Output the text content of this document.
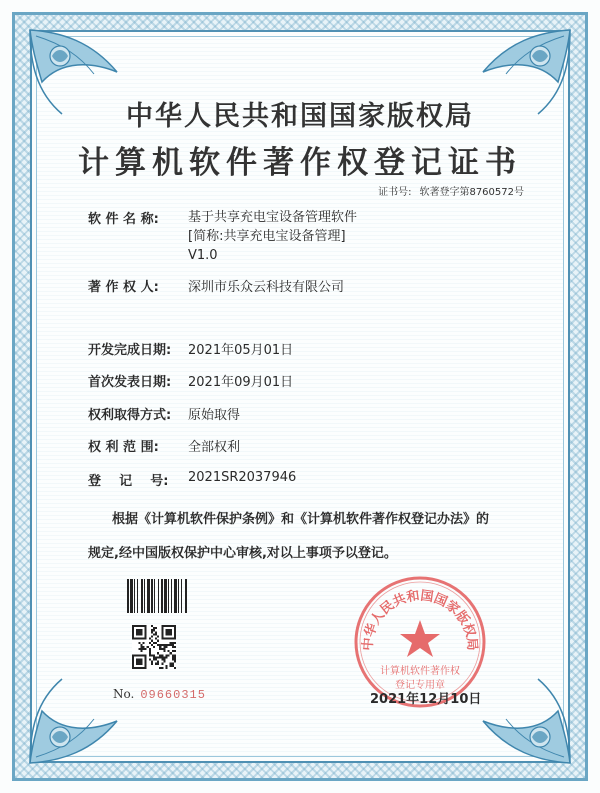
中华人民共和国国家版权局
计算机软件著作权登记证书
证书号: 软著登字第8760572号
软 件 名 称:	基于共享充电宝设备管理软件
[简称:共享充电宝设备管理]
V1.0
著 作 权 人:	深圳市乐众云科技有限公司
开发完成日期:	2021年05月01日
首次发表日期:	2021年09月01日
权利取得方式:	原始取得
权 利 范 围:	全部权利
登    记    号:	2021SR2037946
根据《计算机软件保护条例》和《计算机软件著作权登记办法》的
规定,经中国版权保护中心审核,对以上事项予以登记。
No. 09660315
中华人民共和国国家版权局
计算机软件著作权
登记专用章
2021年12月10日
